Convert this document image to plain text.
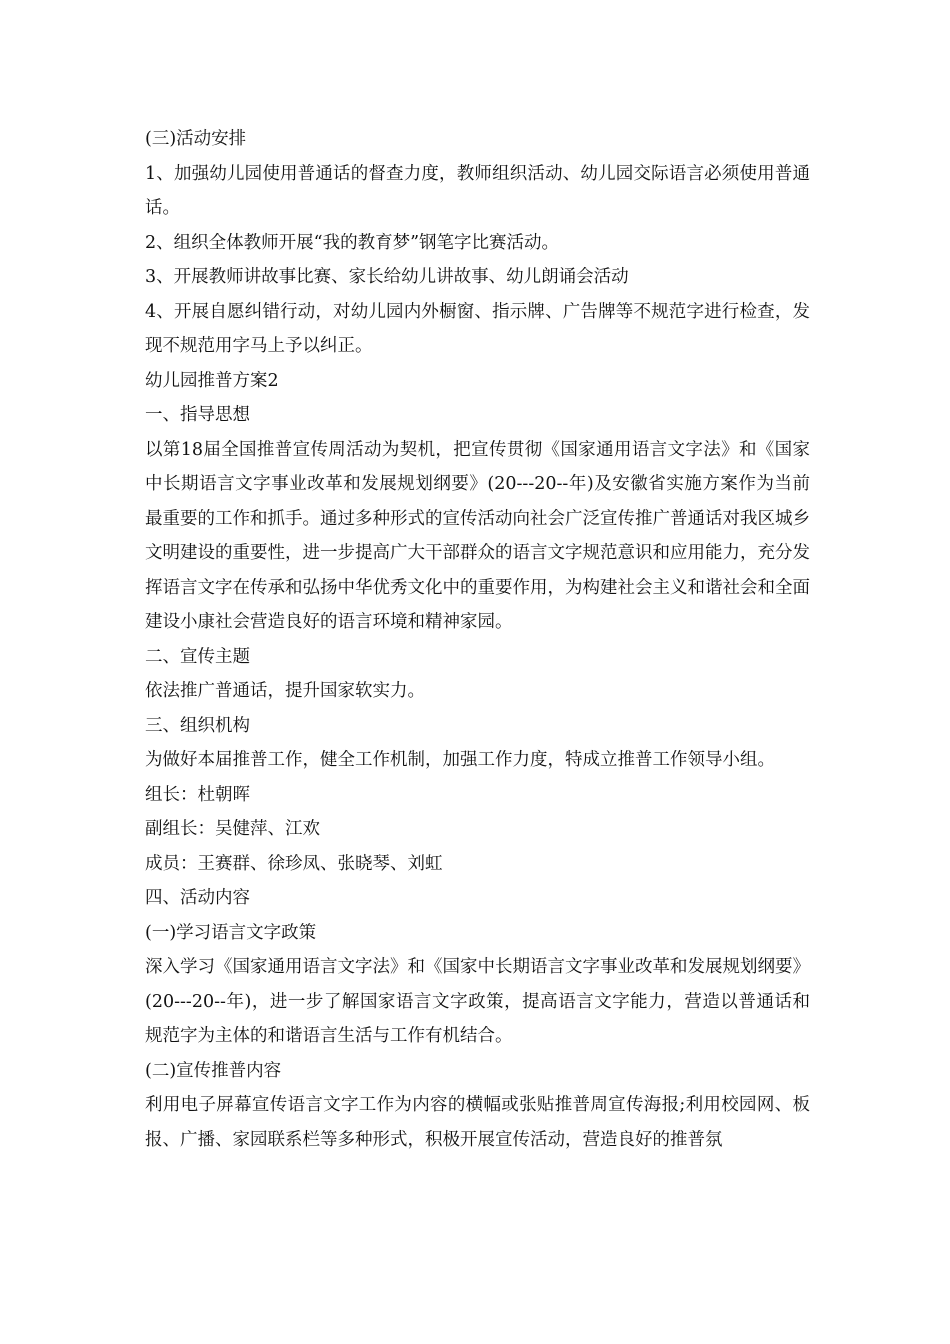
(三)活动安排

1、加强幼儿园使用普通话的督查力度，教师组织活动、幼儿园交际语言必须使用普通话。

2、组织全体教师开展“我的教育梦”钢笔字比赛活动。

3、开展教师讲故事比赛、家长给幼儿讲故事、幼儿朗诵会活动

4、开展自愿纠错行动，对幼儿园内外橱窗、指示牌、广告牌等不规范字进行检查，发现不规范用字马上予以纠正。

幼儿园推普方案2

一、指导思想

以第18届全国推普宣传周活动为契机，把宣传贯彻《国家通用语言文字法》和《国家中长期语言文字事业改革和发展规划纲要》(20---20--年)及安徽省实施方案作为当前最重要的工作和抓手。通过多种形式的宣传活动向社会广泛宣传推广普通话对我区城乡文明建设的重要性，进一步提高广大干部群众的语言文字规范意识和应用能力，充分发挥语言文字在传承和弘扬中华优秀文化中的重要作用，为构建社会主义和谐社会和全面建设小康社会营造良好的语言环境和精神家园。

二、宣传主题

依法推广普通话，提升国家软实力。

三、组织机构

为做好本届推普工作，健全工作机制，加强工作力度，特成立推普工作领导小组。

组长：杜朝晖

副组长：吴健萍、江欢

成员：王赛群、徐珍凤、张晓琴、刘虹

四、活动内容

(一)学习语言文字政策

深入学习《国家通用语言文字法》和《国家中长期语言文字事业改革和发展规划纲要》(20---20--年)，进一步了解国家语言文字政策，提高语言文字能力，营造以普通话和规范字为主体的和谐语言生活与工作有机结合。

(二)宣传推普内容

利用电子屏幕宣传语言文字工作为内容的横幅或张贴推普周宣传海报;利用校园网、板报、广播、家园联系栏等多种形式，积极开展宣传活动，营造良好的推普氛
